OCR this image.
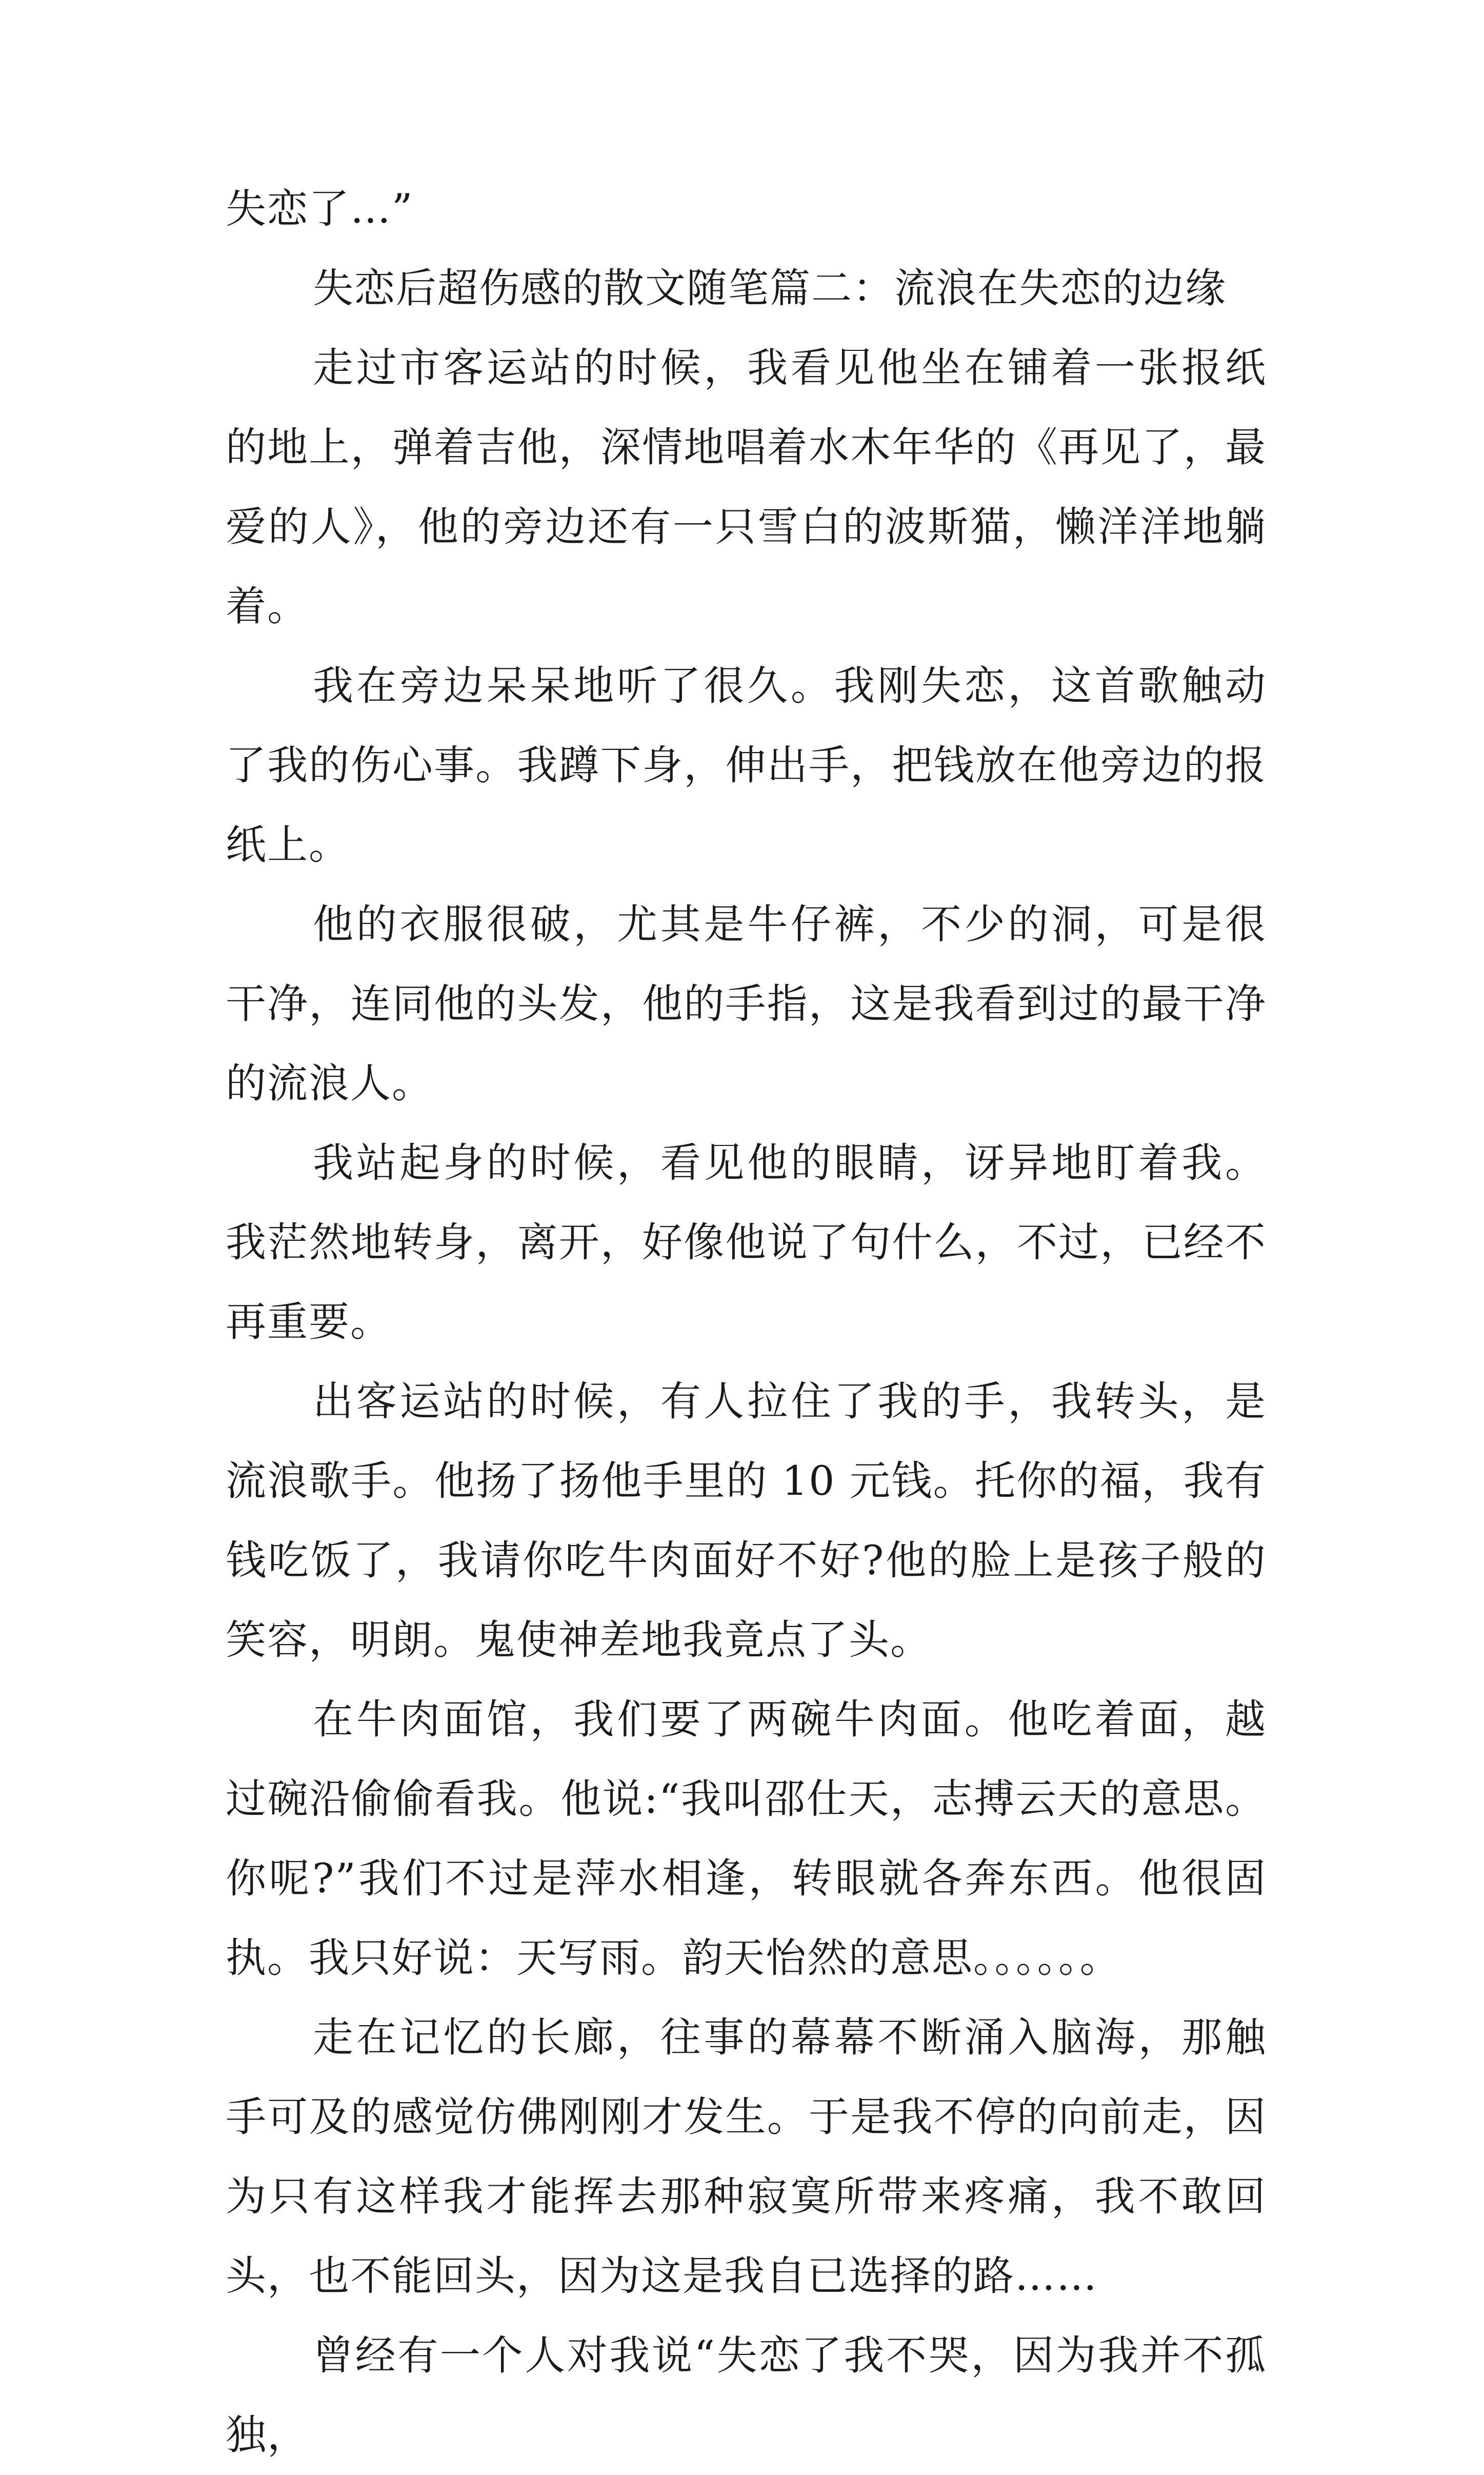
失恋了…”

失恋后超伤感的散文随笔篇二：流浪在失恋的边缘

走过市客运站的时候，我看见他坐在铺着一张报纸的地上，弹着吉他，深情地唱着水木年华的《再见了，最爱的人》，他的旁边还有一只雪白的波斯猫，懒洋洋地躺着。

我在旁边呆呆地听了很久。我刚失恋，这首歌触动了我的伤心事。我蹲下身，伸出手，把钱放在他旁边的报纸上。

他的衣服很破，尤其是牛仔裤，不少的洞，可是很干净，连同他的头发，他的手指，这是我看到过的最干净的流浪人。

我站起身的时候，看见他的眼睛，讶异地盯着我。我茫然地转身，离开，好像他说了句什么，不过，已经不再重要。

出客运站的时候，有人拉住了我的手，我转头，是流浪歌手。他扬了扬他手里的 10 元钱。托你的福，我有钱吃饭了，我请你吃牛肉面好不好?他的脸上是孩子般的笑容，明朗。鬼使神差地我竟点了头。

在牛肉面馆，我们要了两碗牛肉面。他吃着面，越过碗沿偷偷看我。他说:“我叫邵仕天，志搏云天的意思。你呢?”我们不过是萍水相逢，转眼就各奔东西。他很固执。我只好说：天写雨。韵天怡然的意思。。。。。。

走在记忆的长廊，往事的幕幕不断涌入脑海，那触手可及的感觉仿佛刚刚才发生。于是我不停的向前走，因为只有这样我才能挥去那种寂寞所带来疼痛，我不敢回头，也不能回头，因为这是我自已选择的路……

曾经有一个人对我说“失恋了我不哭，因为我并不孤独，
